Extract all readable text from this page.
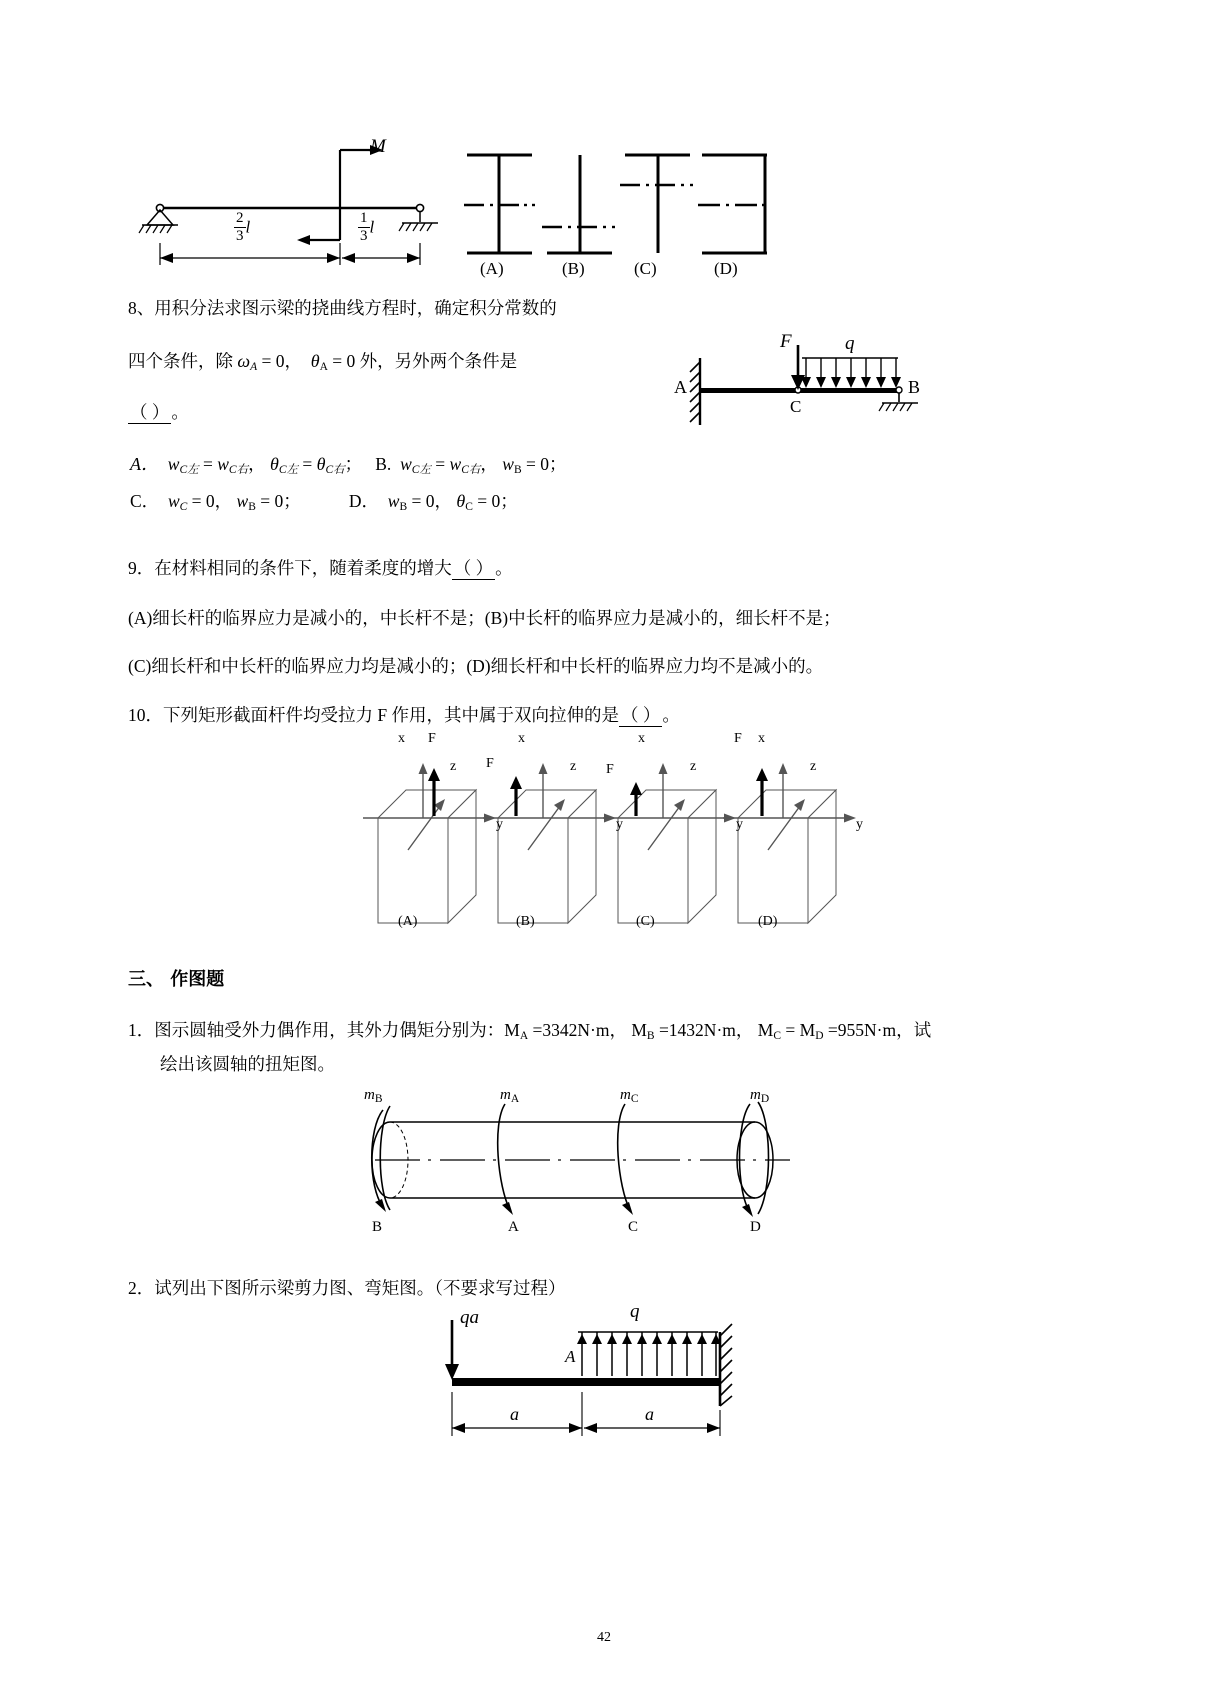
M
$\frac{2}{3}$ l	$\frac{1}{3}$ l
(A)	(B)	(C)	(D)
8、用积分法求图示梁的挠曲线方程时，确定积分常数的
四个条件，除 $\omega_A = 0$， $\theta_A = 0$ 外，另外两个条件是
（ ） 。
A	B
C
F	q
A． $w_{C左} = w_{C右}$， $\theta_{C左} = \theta_{C右}$； B. $w_{C左} = w_{C右}$， $w_B = 0$；
C． $w_C = 0$， $w_B = 0$；	D． $w_B = 0$， $\theta_C = 0$；
9．在材料相同的条件下，随着柔度的增大 （ ） 。
(A)细长杆的临界应力是减小的，中长杆不是；(B)中长杆的临界应力是减小的，细长杆不是；
(C)细长杆和中长杆的临界应力均是减小的；(D)细长杆和中长杆的临界应力均不是减小的。
10．下列矩形截面杆件均受拉力 F 作用，其中属于双向拉伸的是 （ ） 。
x F
z
y
x
F	z
y
x
F	z
y
x
F
z
y
(A)	(B)	(C)	(D)
三、 作图题
1．图示圆轴受外力偶作用，其外力偶矩分别为：$M_A =3342N\cdot m$， $M_B =1432N\cdot m$， $M_C = M_D =955N\cdot m$，试
绘出该圆轴的扭矩图。
$m_B$	$m_A$	$m_C$	$m_D$
B	A	C	D
2．试列出下图所示梁剪力图、弯矩图。（不要求写过程）
qa	q
A
a	a
42
